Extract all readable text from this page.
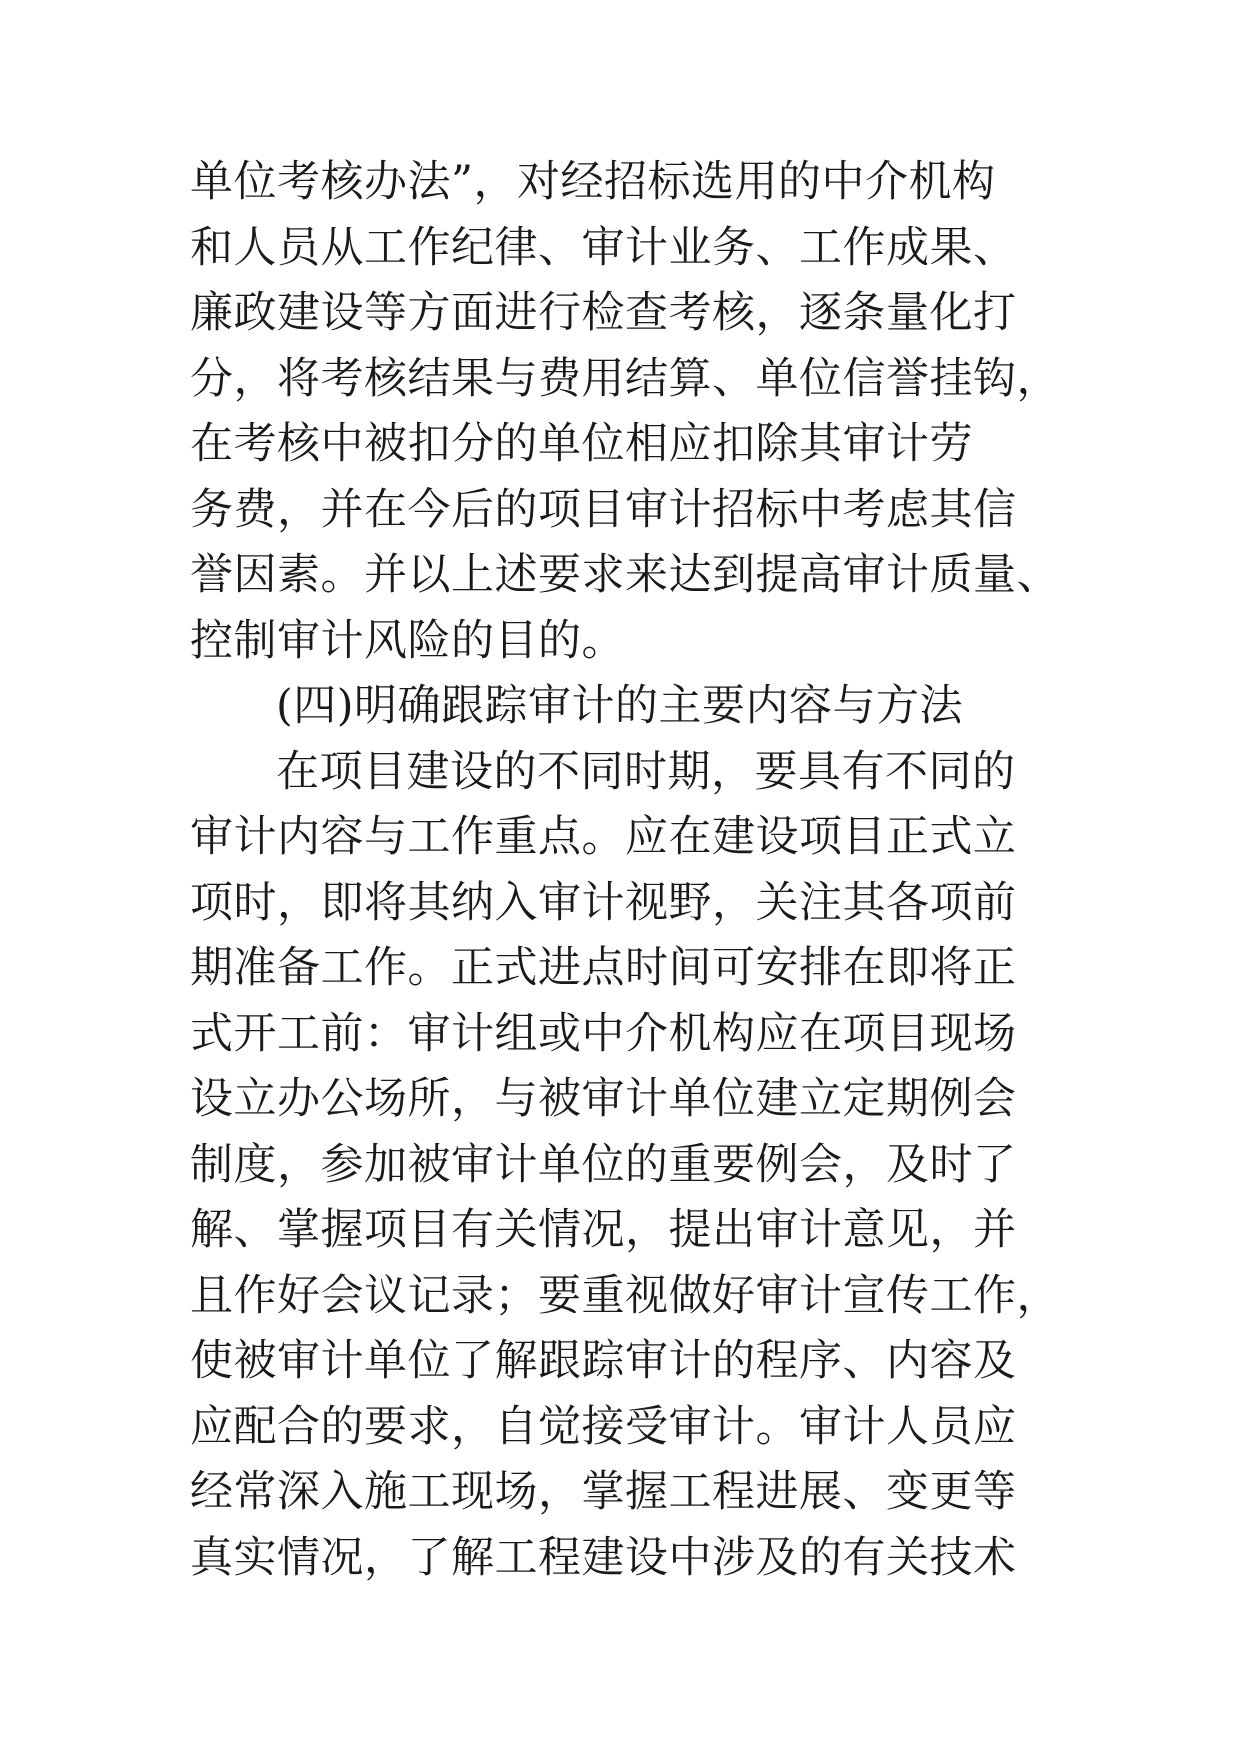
单位考核办法”，对经招标选用的中介机构
和人员从工作纪律、审计业务、工作成果、
廉政建设等方面进行检查考核，逐条量化打
分，将考核结果与费用结算、单位信誉挂钩，
在考核中被扣分的单位相应扣除其审计劳
务费，并在今后的项目审计招标中考虑其信
誉因素。并以上述要求来达到提高审计质量、
控制审计风险的目的。
(四)明确跟踪审计的主要内容与方法
在项目建设的不同时期，要具有不同的
审计内容与工作重点。应在建设项目正式立
项时，即将其纳入审计视野，关注其各项前
期准备工作。正式进点时间可安排在即将正
式开工前：审计组或中介机构应在项目现场
设立办公场所，与被审计单位建立定期例会
制度，参加被审计单位的重要例会，及时了
解、掌握项目有关情况，提出审计意见，并
且作好会议记录；要重视做好审计宣传工作，
使被审计单位了解跟踪审计的程序、内容及
应配合的要求，自觉接受审计。审计人员应
经常深入施工现场，掌握工程进展、变更等
真实情况，了解工程建设中涉及的有关技术
